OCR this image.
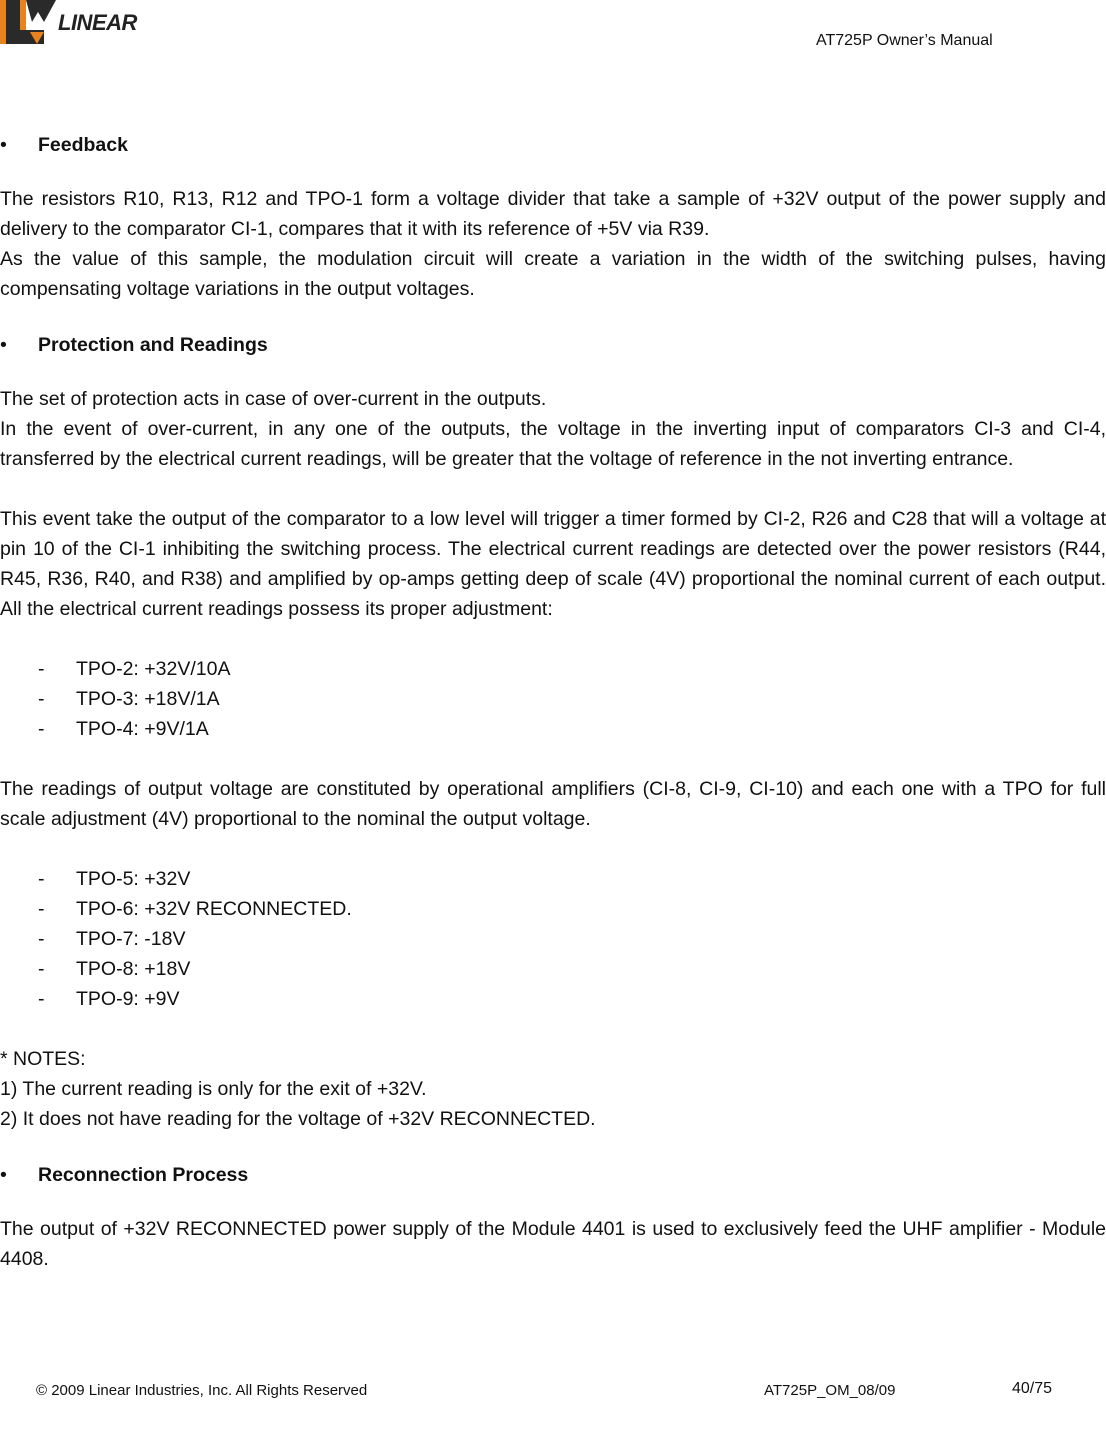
LINEAR
AT725P Owner’s Manual
• Feedback

The resistors R10, R13, R12 and TPO-1 form a voltage divider that take a sample of +32V output of the power supply and delivery to the comparator CI-1, compares that it with its reference of +5V via R39.

As the value of this sample, the modulation circuit will create a variation in the width of the switching pulses, having compensating voltage variations in the output voltages.

• Protection and Readings

The set of protection acts in case of over-current in the outputs.

In the event of over-current, in any one of the outputs, the voltage in the inverting input of comparators CI-3 and CI-4, transferred by the electrical current readings, will be greater that the voltage of reference in the not inverting entrance.

This event take the output of the comparator to a low level will trigger a timer formed by CI-2, R26 and C28 that will a voltage at pin 10 of the CI-1 inhibiting the switching process. The electrical current readings are detected over the power resistors (R44, R45, R36, R40, and R38) and amplified by op-amps getting deep of scale (4V) proportional the nominal current of each output. All the electrical current readings possess its proper adjustment:

- TPO-2: +32V/10A
- TPO-3: +18V/1A
- TPO-4: +9V/1A

The readings of output voltage are constituted by operational amplifiers (CI-8, CI-9, CI-10) and each one with a TPO for full scale adjustment (4V) proportional to the nominal the output voltage.

- TPO-5: +32V
- TPO-6: +32V RECONNECTED.
- TPO-7: -18V
- TPO-8: +18V
- TPO-9: +9V

* NOTES:

1) The current reading is only for the exit of +32V.

2) It does not have reading for the voltage of +32V RECONNECTED.

• Reconnection Process

The output of +32V RECONNECTED power supply of the Module 4401 is used to exclusively feed the UHF amplifier - Module 4408.

© 2009 Linear Industries, Inc. All Rights Reserved	AT725P_OM_08/09	40/75
